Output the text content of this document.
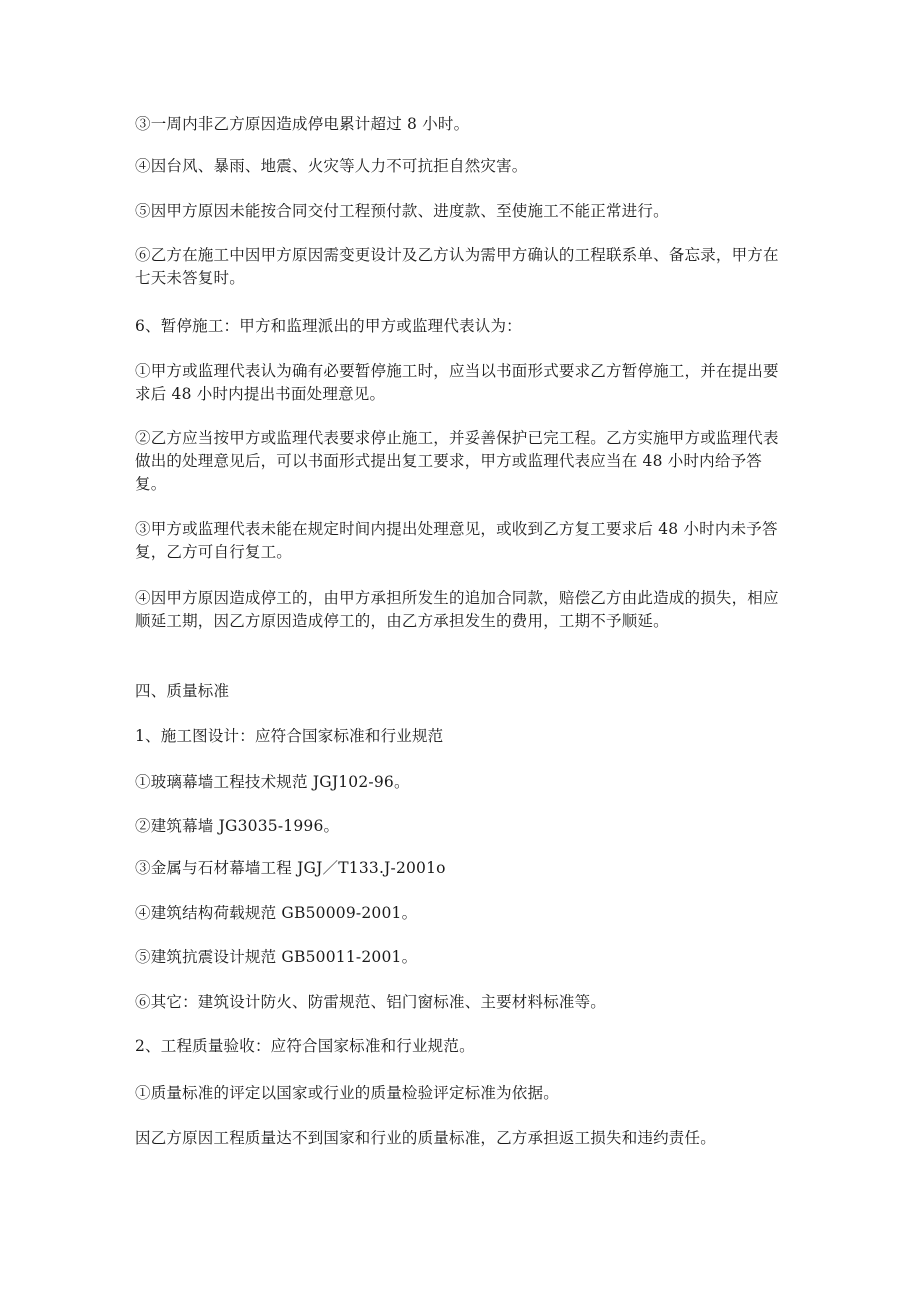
③一周内非乙方原因造成停电累计超过 8 小时。

④因台风、暴雨、地震、火灾等人力不可抗拒自然灾害。

⑤因甲方原因未能按合同交付工程预付款、进度款、至使施工不能正常进行。

⑥乙方在施工中因甲方原因需变更设计及乙方认为需甲方确认的工程联系单、备忘录，甲方在七天未答复时。

6、暂停施工：甲方和监理派出的甲方或监理代表认为：

①甲方或监理代表认为确有必要暂停施工时，应当以书面形式要求乙方暂停施工，并在提出要求后 48 小时内提出书面处理意见。

②乙方应当按甲方或监理代表要求停止施工，并妥善保护已完工程。乙方实施甲方或监理代表做出的处理意见后，可以书面形式提出复工要求，甲方或监理代表应当在 48 小时内给予答复。

③甲方或监理代表未能在规定时间内提出处理意见，或收到乙方复工要求后 48 小时内未予答复，乙方可自行复工。

④因甲方原因造成停工的，由甲方承担所发生的追加合同款，赔偿乙方由此造成的损失，相应顺延工期，因乙方原因造成停工的，由乙方承担发生的费用，工期不予顺延。

四、质量标准

1、施工图设计：应符合国家标准和行业规范

①玻璃幕墙工程技术规范 JGJ102-96。

②建筑幕墙 JG3035-1996。

③金属与石材幕墙工程 JGJ／T133.J-2001o

④建筑结构荷载规范 GB50009-2001。

⑤建筑抗震设计规范 GB50011-2001。

⑥其它：建筑设计防火、防雷规范、铝门窗标准、主要材料标准等。

2、工程质量验收：应符合国家标准和行业规范。

①质量标准的评定以国家或行业的质量检验评定标准为依据。

因乙方原因工程质量达不到国家和行业的质量标准，乙方承担返工损失和违约责任。
